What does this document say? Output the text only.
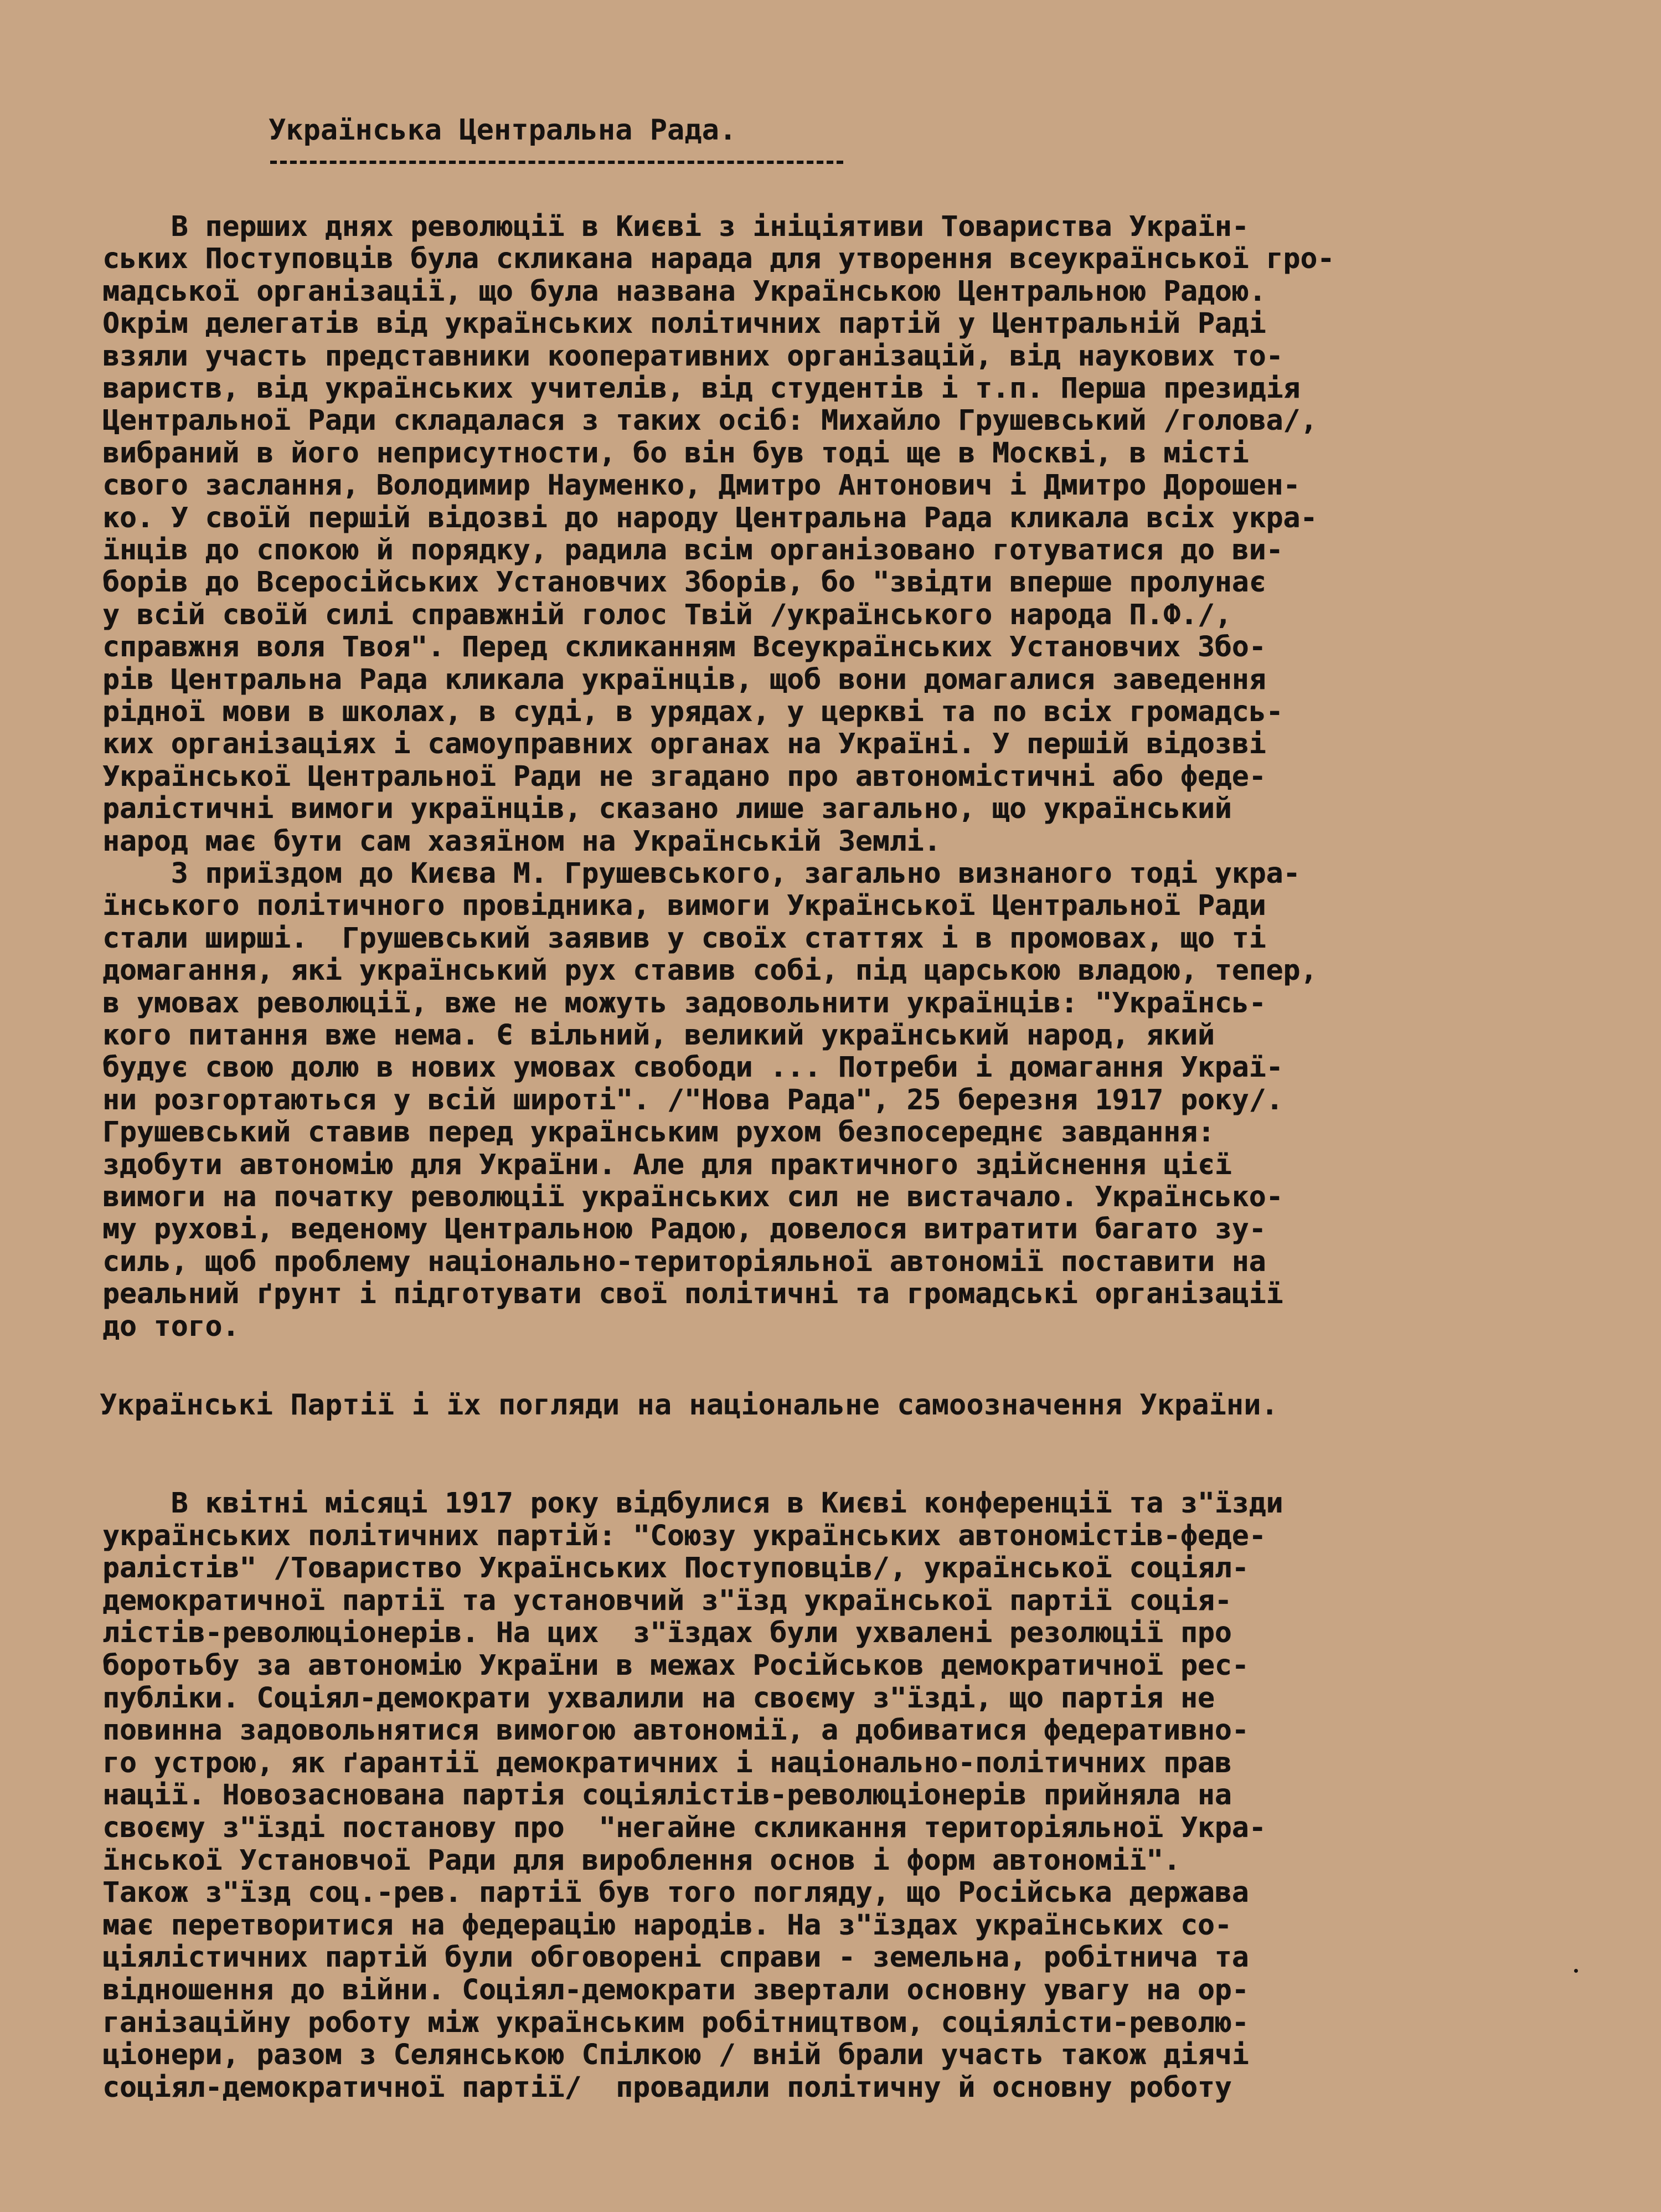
Українська Центральна Рада.

В перших днях революції в Києві з ініціятиви Товариства Україн-

ських Поступовців була скликана нарада для утворення всеукраїнської гро-

мадської організації, що була названа Українською Центральною Радою.

Окрім делегатів від українських політичних партій у Центральній Раді

взяли участь представники кооперативних організацій, від наукових то-

вариств, від українських учителів, від студентів і т.п. Перша президія

Центральної Ради складалася з таких осіб: Михайло Грушевський /голова/,

вибраний в його неприсутности, бо він був тоді ще в Москві, в місті

свого заслання, Володимир Науменко, Дмитро Антонович і Дмитро Дорошен-

ко. У своїй першій відозві до народу Центральна Рада кликала всіх укра-

їнців до спокою й порядку, радила всім організовано готуватися до ви-

борів до Всеросійських Установчих Зборів, бо "звідти вперше пролунає

у всій своїй силі справжній голос Твій /українського народа П.Ф./,

справжня воля Твоя". Перед скликанням Всеукраїнських Установчих Збо-

рів Центральна Рада кликала українців, щоб вони домагалися заведення

рідної мови в школах, в суді, в урядах, у церкві та по всіх громадсь-

ких організаціях і самоуправних органах на Україні. У першій відозві

Української Центральної Ради не згадано про автономістичні або феде-

ралістичні вимоги українців, сказано лише загально, що український

народ має бути сам хазяїном на Українській Землі.

З приїздом до Києва М. Грушевського, загально визнаного тоді укра-

їнського політичного провідника, вимоги Української Центральної Ради

стали ширші.  Грушевський заявив у своїх статтях і в промовах, що ті

домагання, які український рух ставив собі, під царською владою, тепер,

в умовах революції, вже не можуть задовольнити українців: "Українсь-

кого питання вже нема. Є вільний, великий український народ, який

будує свою долю в нових умовах свободи ... Потреби і домагання Украї-

ни розгортаються у всій широті". /"Нова Рада", 25 березня 1917 року/.

Грушевський ставив перед українським рухом безпосереднє завдання:

здобути автономію для України. Але для практичного здійснення цієї

вимоги на початку революції українських сил не вистачало. Українсько-

му рухові, веденому Центральною Радою, довелося витратити багато зу-

силь, щоб проблему національно-територіяльної автономії поставити на

реальний ґрунт і підготувати свої політичні та громадські організації

до того.

Українські Партії і їх погляди на національне самоозначення України.

В квітні місяці 1917 року відбулися в Києві конференції та з"їзди

українських політичних партій: "Союзу українських автономістів-феде-

ралістів" /Товариство Українських Поступовців/, української соціял-

демократичної партії та установчий з"їзд української партії соція-

лістів-революціонерів. На цих  з"їздах були ухвалені резолюції про

боротьбу за автономію України в межах Російськов демократичної рес-

публіки. Соціял-демократи ухвалили на своєму з"їзді, що партія не

повинна задовольнятися вимогою автономії, а добиватися федеративно-

го устрою, як ґарантії демократичних і національно-політичних прав

нації. Новозаснована партія соціялістів-революціонерів прийняла на

своєму з"їзді постанову про  "негайне скликання територіяльної Укра-

їнської Установчої Ради для вироблення основ і форм автономії".

Також з"їзд соц.-рев. партії був того погляду, що Російська держава

має перетворитися на федерацію народів. На з"їздах українських со-

ціялістичних партій були обговорені справи - земельна, робітнича та

відношення до війни. Соціял-демократи звертали основну увагу на ор-

ганізаційну роботу між українським робітництвом, соціялісти-револю-

ціонери, разом з Селянською Спілкою / вній брали участь також діячі

соціял-демократичної партії/  провадили політичну й основну роботу
